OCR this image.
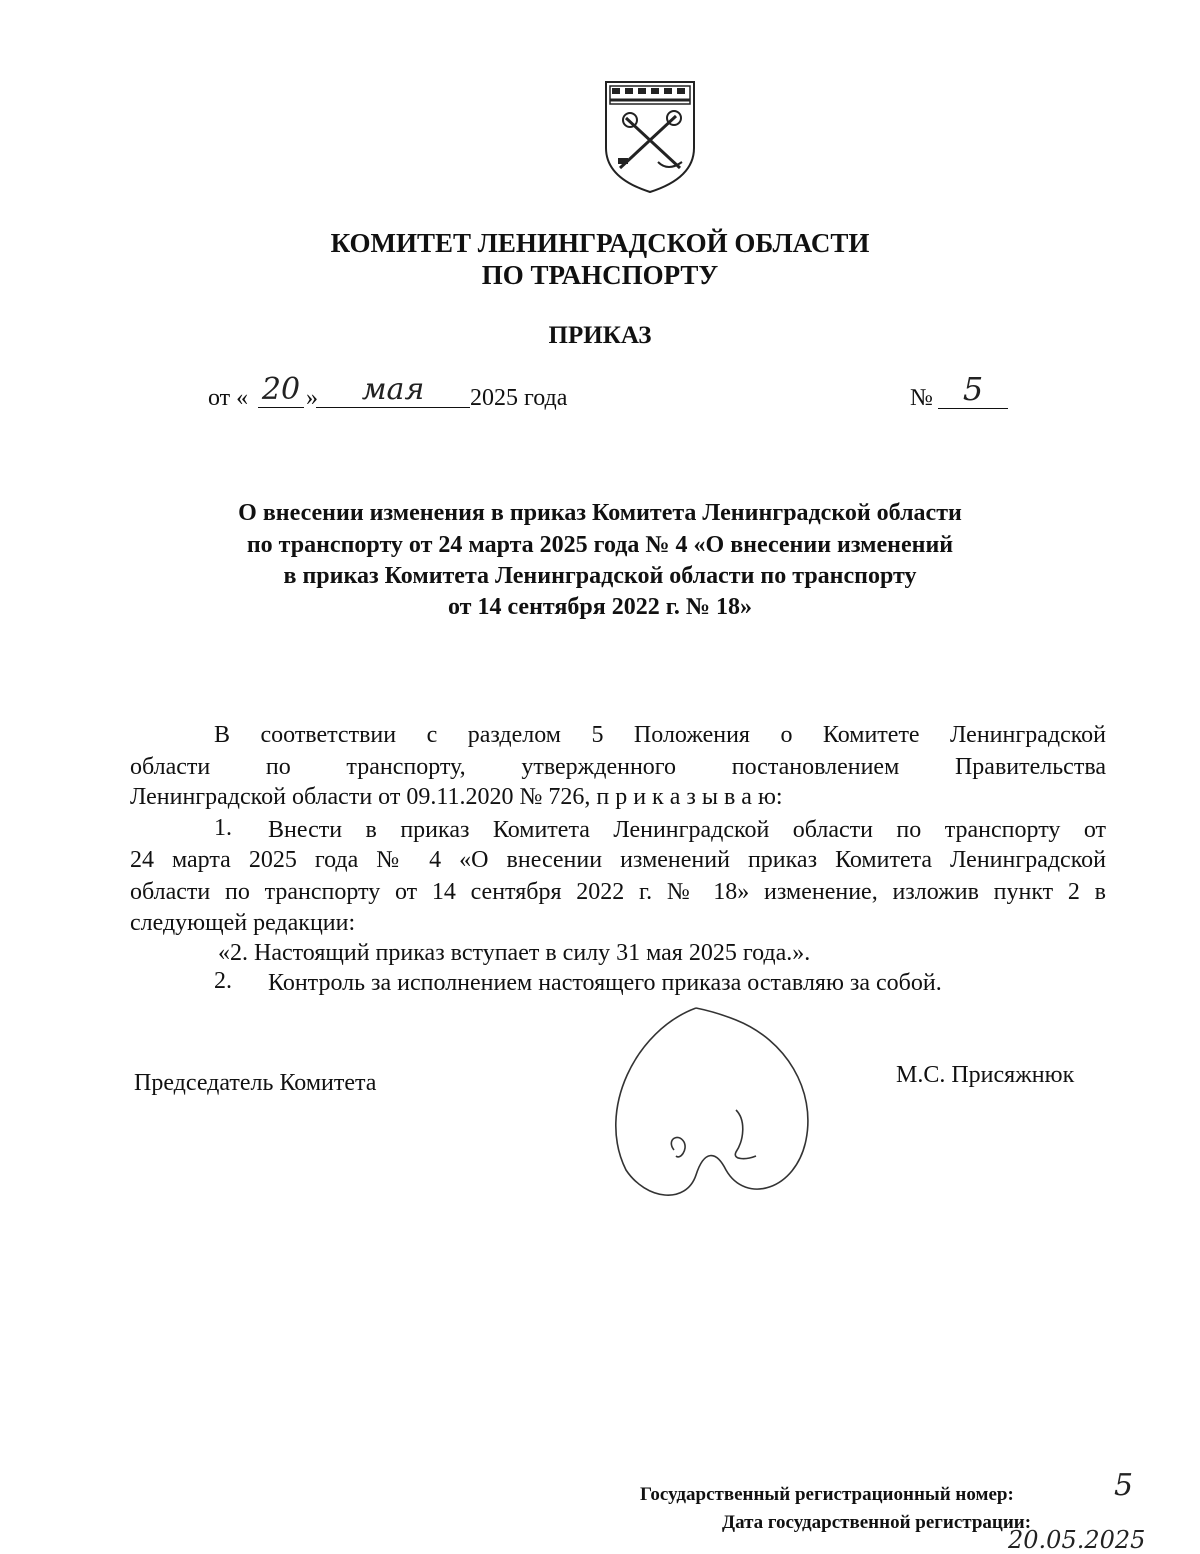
КОМИТЕТ ЛЕНИНГРАДСКОЙ ОБЛАСТИ
ПО ТРАНСПОРТУ
ПРИКАЗ
от « 20 »	мая	2025 года	№ 5
О внесении изменения в приказ Комитета Ленинградской области
по транспорту от 24 марта 2025 года № 4 «О внесении изменений
в приказ Комитета Ленинградской области по транспорту
от 14 сентября 2022 г. № 18»
В соответствии с разделом 5 Положения о Комитете Ленинградской
области по транспорту, утвержденного постановлением Правительства
Ленинградской области от 09.11.2020 № 726, п р и к а з ы в а ю:
1. Внести в приказ Комитета Ленинградской области по транспорту от
24 марта 2025 года № 4 «О внесении изменений приказ Комитета Ленинградской
области по транспорту от 14 сентября 2022 г. № 18» изменение, изложив пункт 2 в
следующей редакции:
«2. Настоящий приказ вступает в силу 31 мая 2025 года.».
2. Контроль за исполнением настоящего приказа оставляю за собой.
Председатель Комитета	М.С. Присяжнюк
Государственный регистрационный номер:	5
Дата государственной регистрации:
20.05.2025
